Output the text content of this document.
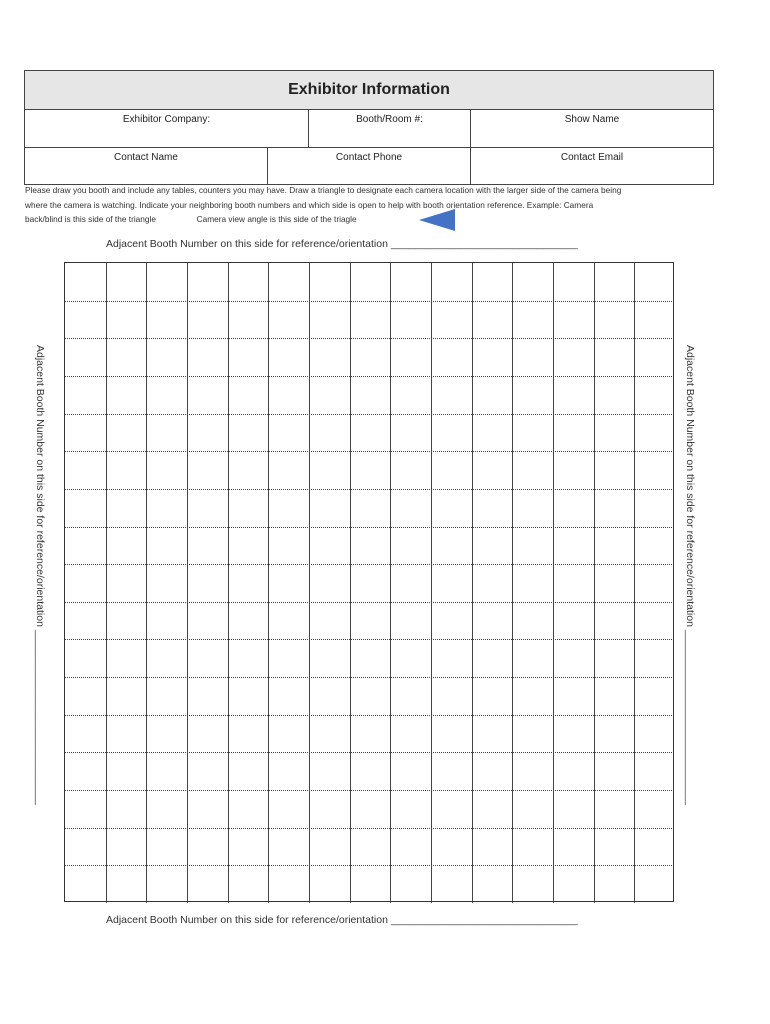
Exhibitor Information
Exhibitor Company:	Booth/Room #:	Show Name
Contact Name	Contact Phone	Contact Email
Please draw you booth and include any tables, counters you may have. Draw a triangle to designate each camera location with the larger side of the camera being
where the camera is watching. Indicate your neighboring booth numbers and which side is open to help with booth orientation reference. Example: Camera
back/blind is this side of the triangle	Camera view angle is this side of the triagle
Adjacent Booth Number on this side for reference/orientation ________________________________
Adjacent Booth Number on this side for reference/orientation ______________________________	Adjacent Booth Number on this side for reference/orientation ______________________________
Adjacent Booth Number on this side for reference/orientation ________________________________
